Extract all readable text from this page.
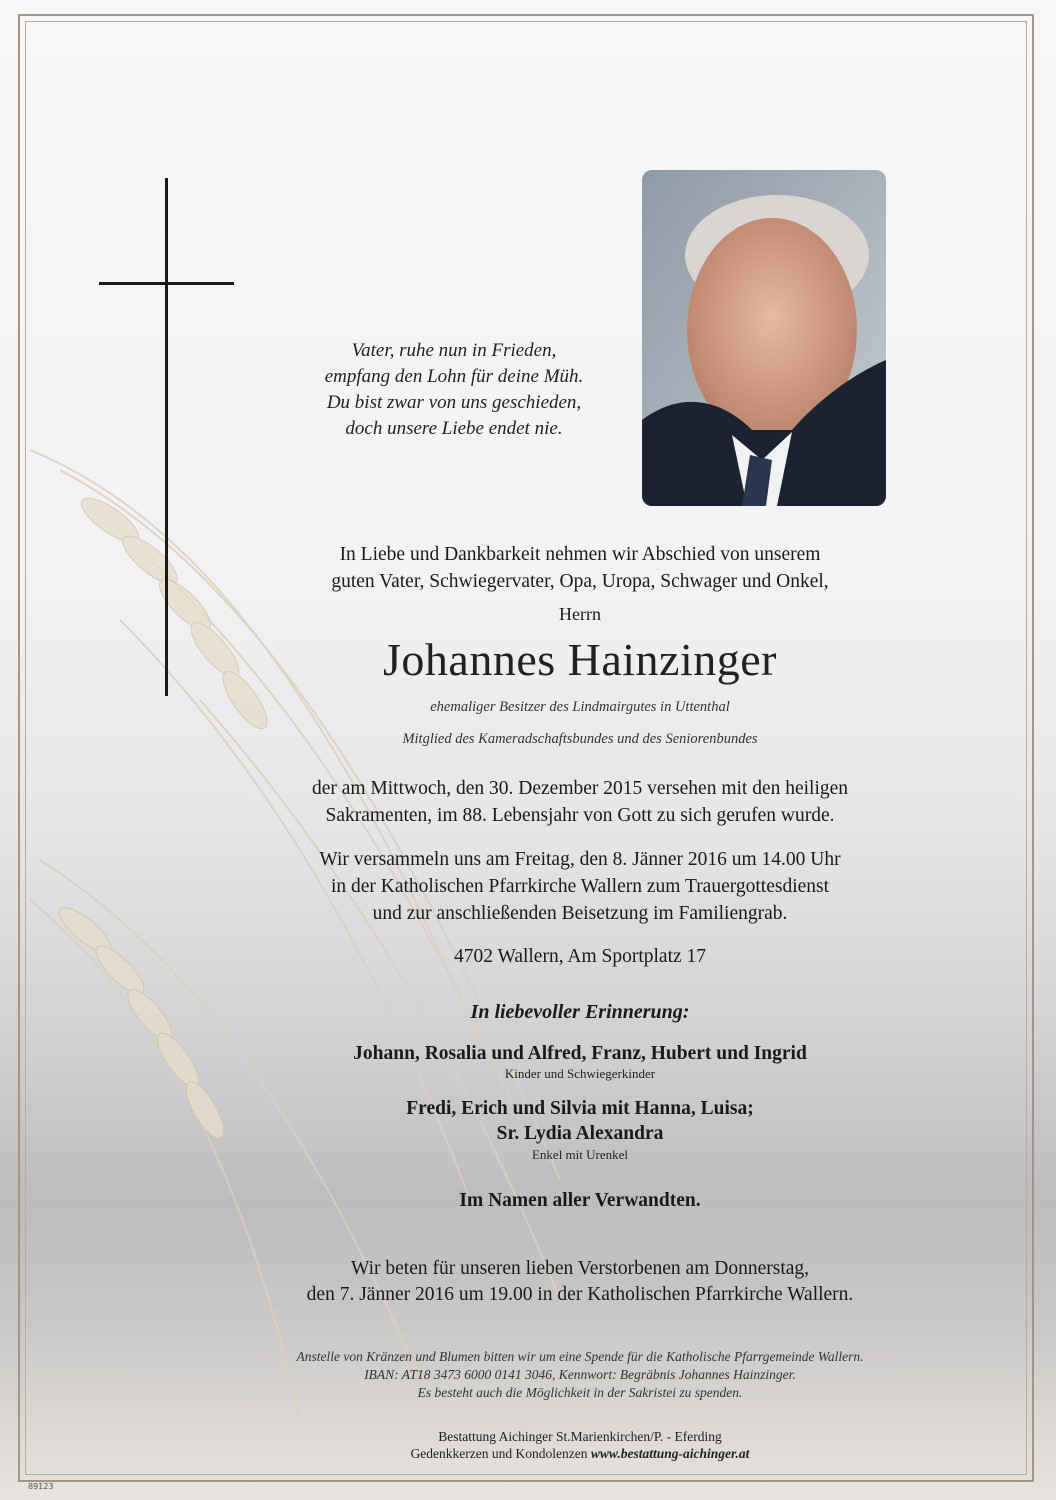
Vater, ruhe nun in Frieden,
empfang den Lohn für deine Müh.
Du bist zwar von uns geschieden,
doch unsere Liebe endet nie.
In Liebe und Dankbarkeit nehmen wir Abschied von unserem
guten Vater, Schwiegervater, Opa, Uropa, Schwager und Onkel,
Herrn
Johannes Hainzinger
ehemaliger Besitzer des Lindmairgutes in Uttenthal
Mitglied des Kameradschaftsbundes und des Seniorenbundes
der am Mittwoch, den 30. Dezember 2015 versehen mit den heiligen
Sakramenten, im 88. Lebensjahr von Gott zu sich gerufen wurde.
Wir versammeln uns am Freitag, den 8. Jänner 2016 um 14.00 Uhr
in der Katholischen Pfarrkirche Wallern zum Trauergottesdienst
und zur anschließenden Beisetzung im Familiengrab.
4702 Wallern, Am Sportplatz 17
In liebevoller Erinnerung:
Johann, Rosalia und Alfred, Franz, Hubert und Ingrid
Kinder und Schwiegerkinder
Fredi, Erich und Silvia mit Hanna, Luisa;
Sr. Lydia Alexandra
Enkel mit Urenkel
Im Namen aller Verwandten.
Wir beten für unseren lieben Verstorbenen am Donnerstag,
den 7. Jänner 2016 um 19.00 in der Katholischen Pfarrkirche Wallern.
Anstelle von Kränzen und Blumen bitten wir um eine Spende für die Katholische Pfarrgemeinde Wallern.
IBAN: AT18 3473 6000 0141 3046, Kennwort: Begräbnis Johannes Hainzinger.
Es besteht auch die Möglichkeit in der Sakristei zu spenden.
Bestattung Aichinger St.Marienkirchen/P. - Eferding
Gedenkkerzen und Kondolenzen www.bestattung-aichinger.at
89123
